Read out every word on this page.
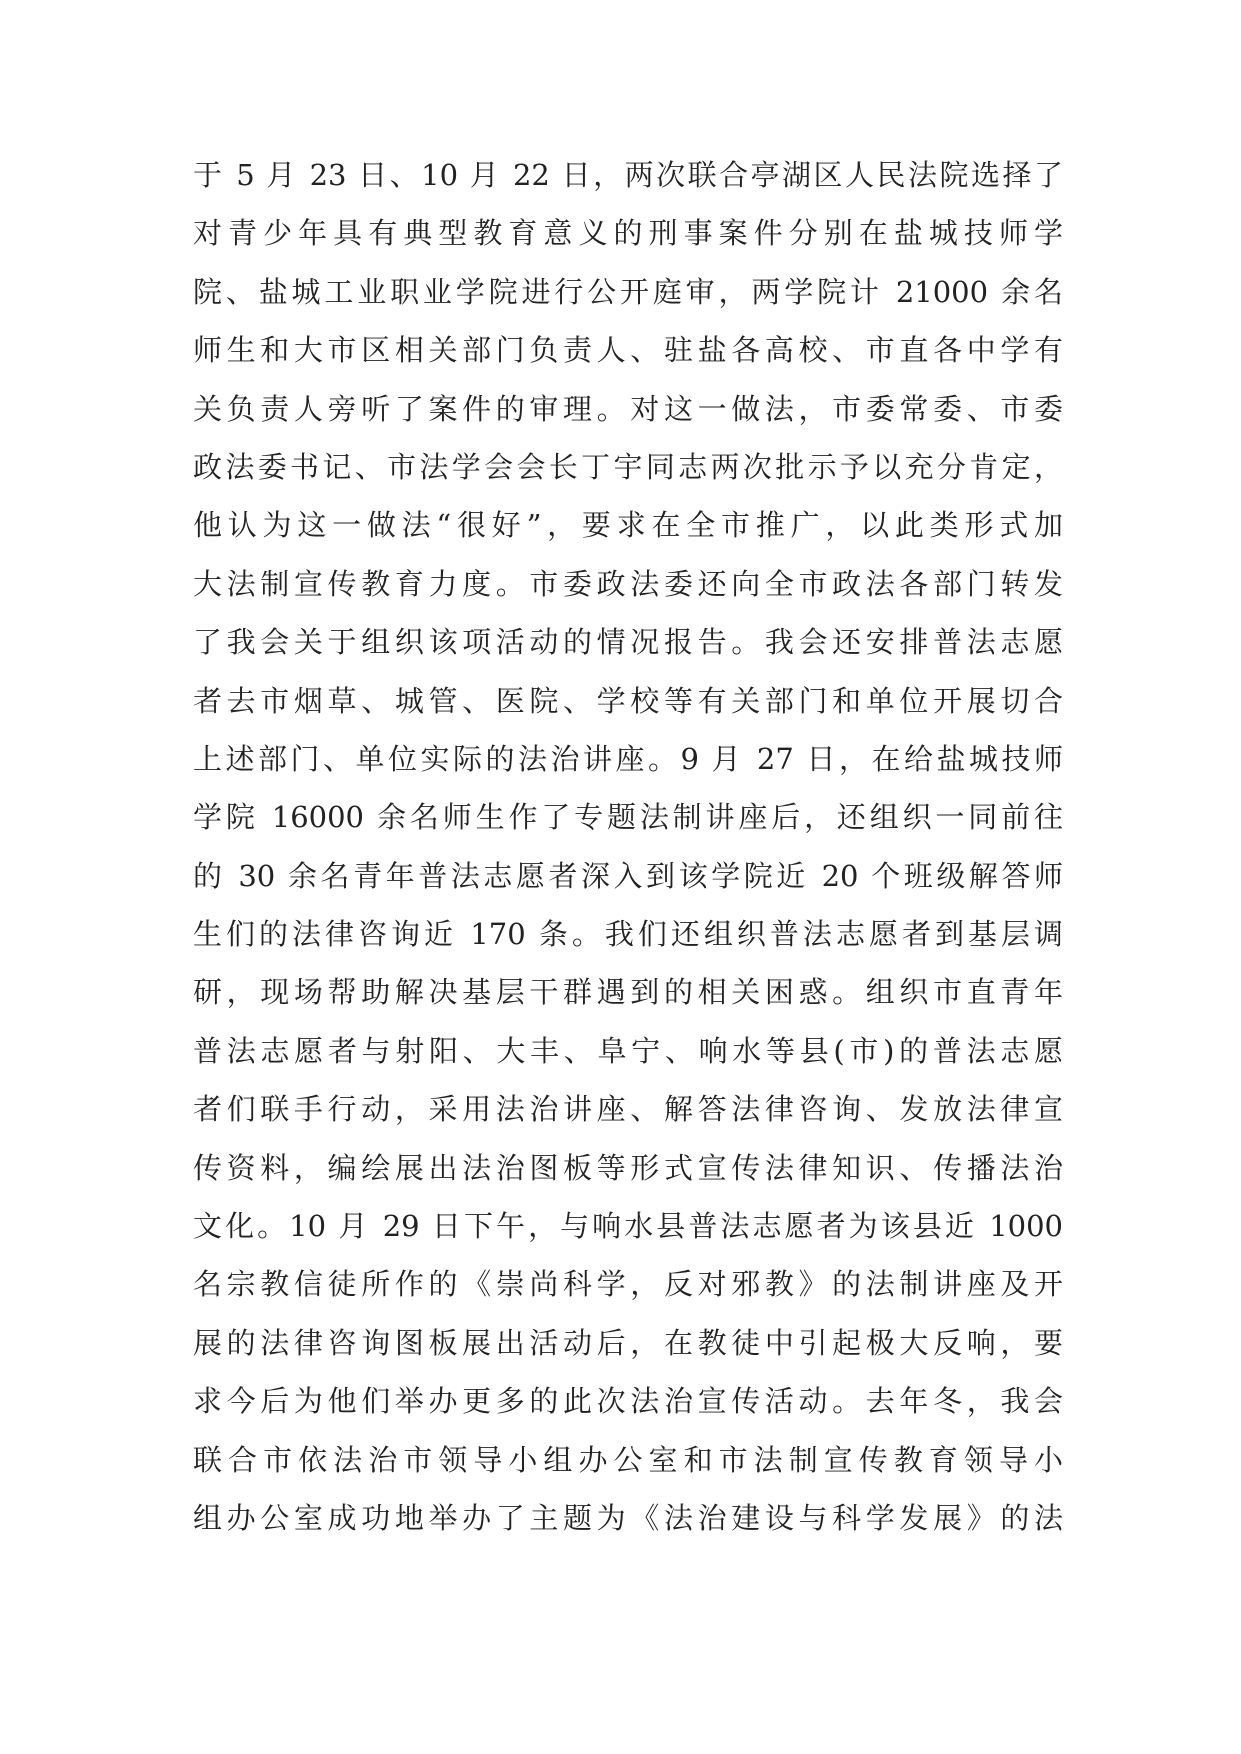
于 5 月 23 日、10 月 22 日，两次联合亭湖区人民法院选择了
对青少年具有典型教育意义的刑事案件分别在盐城技师学
院、盐城工业职业学院进行公开庭审，两学院计 21000 余名
师生和大市区相关部门负责人、驻盐各高校、市直各中学有
关负责人旁听了案件的审理。对这一做法，市委常委、市委
政法委书记、市法学会会长丁宇同志两次批示予以充分肯定，
他认为这一做法“很好”，要求在全市推广，以此类形式加
大法制宣传教育力度。市委政法委还向全市政法各部门转发
了我会关于组织该项活动的情况报告。我会还安排普法志愿
者去市烟草、城管、医院、学校等有关部门和单位开展切合
上述部门、单位实际的法治讲座。9 月 27 日，在给盐城技师
学院 16000 余名师生作了专题法制讲座后，还组织一同前往
的 30 余名青年普法志愿者深入到该学院近 20 个班级解答师
生们的法律咨询近 170 条。我们还组织普法志愿者到基层调
研，现场帮助解决基层干群遇到的相关困惑。组织市直青年
普法志愿者与射阳、大丰、阜宁、响水等县(市)的普法志愿
者们联手行动，采用法治讲座、解答法律咨询、发放法律宣
传资料，编绘展出法治图板等形式宣传法律知识、传播法治
文化。10 月 29 日下午，与响水县普法志愿者为该县近 1000
名宗教信徒所作的《崇尚科学，反对邪教》的法制讲座及开
展的法律咨询图板展出活动后，在教徒中引起极大反响，要
求今后为他们举办更多的此次法治宣传活动。去年冬，我会
联合市依法治市领导小组办公室和市法制宣传教育领导小
组办公室成功地举办了主题为《法治建设与科学发展》的法
